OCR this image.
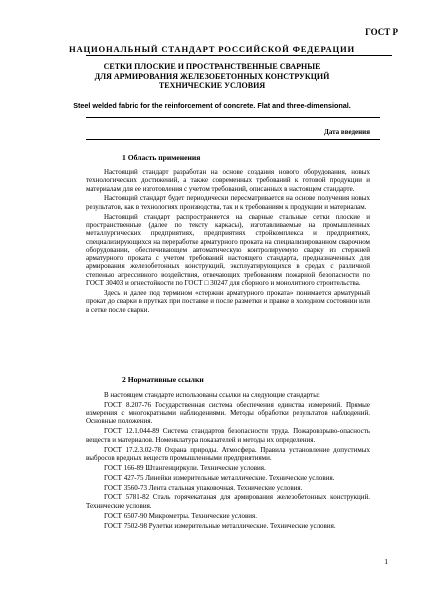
ГОСТ Р
НАЦИОНАЛЬНЫЙ СТАНДАРТ РОССИЙСКОЙ ФЕДЕРАЦИИ
СЕТКИ ПЛОСКИЕ И ПРОСТРАНСТВЕННЫЕ СВАРНЫЕ
ДЛЯ АРМИРОВАНИЯ ЖЕЛЕЗОБЕТОННЫХ КОНСТРУКЦИЙ
ТЕХНИЧЕСКИЕ УСЛОВИЯ
Steel welded fabric for the reinforcement of concrete. Flat and three-dimensional.
Дата введения
1 Область применения

Настоящий стандарт разработан на основе создания нового оборудования, новых технологических достижений, а также современных требований к готовой продукции и материалам для ее изготовления с учетом требований, описанных в настоящем стандарте.

Настоящий стандарт будет периодически пересматривается на основе получения новых результатов, как в технологиях производства, так и к требованиям к продукции и материалам.

Настоящий стандарт распространяется на сварные стальные сетки плоские и пространственные (далее по тексту каркасы), изготавливаемые на промышленных металлургических предприятиях, предприятиях стройкомплекса и предприятиях, специализирующихся на переработке арматурного проката на специализированном сварочном оборудовании, обеспечивающем автоматическую контролируемую сварку из стержней арматурного проката с учетом требований настоящего стандарта, предназначенных для армирования железобетонных конструкций, эксплуатирующихся в средах с различной степенью агрессивного воздействия, отвечающих требованиям пожарной безопасности по ГОСТ 30403 и огнестойкости по ГОСТ □ 30247 для сборного и монолитного строительства.

Здесь и далее под термином «стержни арматурного проката» понимается арматурный прокат до сварки в прутках при поставке и после разметки и правке в холодном состоянии или в сетке после сварки.

2 Нормативные ссылки

В настоящем стандарте использованы ссылки на следующие стандарты:

ГОСТ 8.207-76 Государственная система обеспечения единства измерений. Прямые измерения с многократными наблюдениями. Методы обработки результатов наблюдений. Основные положения.

ГОСТ 12.1.044-89 Система стандартов безопасности труда. Пожаровзрыво-опасность веществ и материалов. Номенклатура показателей и методы их определения.

ГОСТ 17.2.3.02-78 Охрана природы. Атмосфера. Правила установление допустимых выбросов вредных веществ промышленными предприятиями.

ГОСТ 166-89 Штангенциркули. Технические условия.

ГОСТ 427-75 Линейки измерительные металлические. Технические условия.

ГОСТ 3560-73 Лента стальная упаковочная. Технические условия.

ГОСТ 5781-82 Сталь горячекатаная для армирования железобетонных конструкций. Технические условия.

ГОСТ 6507-90 Микрометры. Технические условия.

ГОСТ 7502-98 Рулетки измерительные металлические. Технические условия.

1
